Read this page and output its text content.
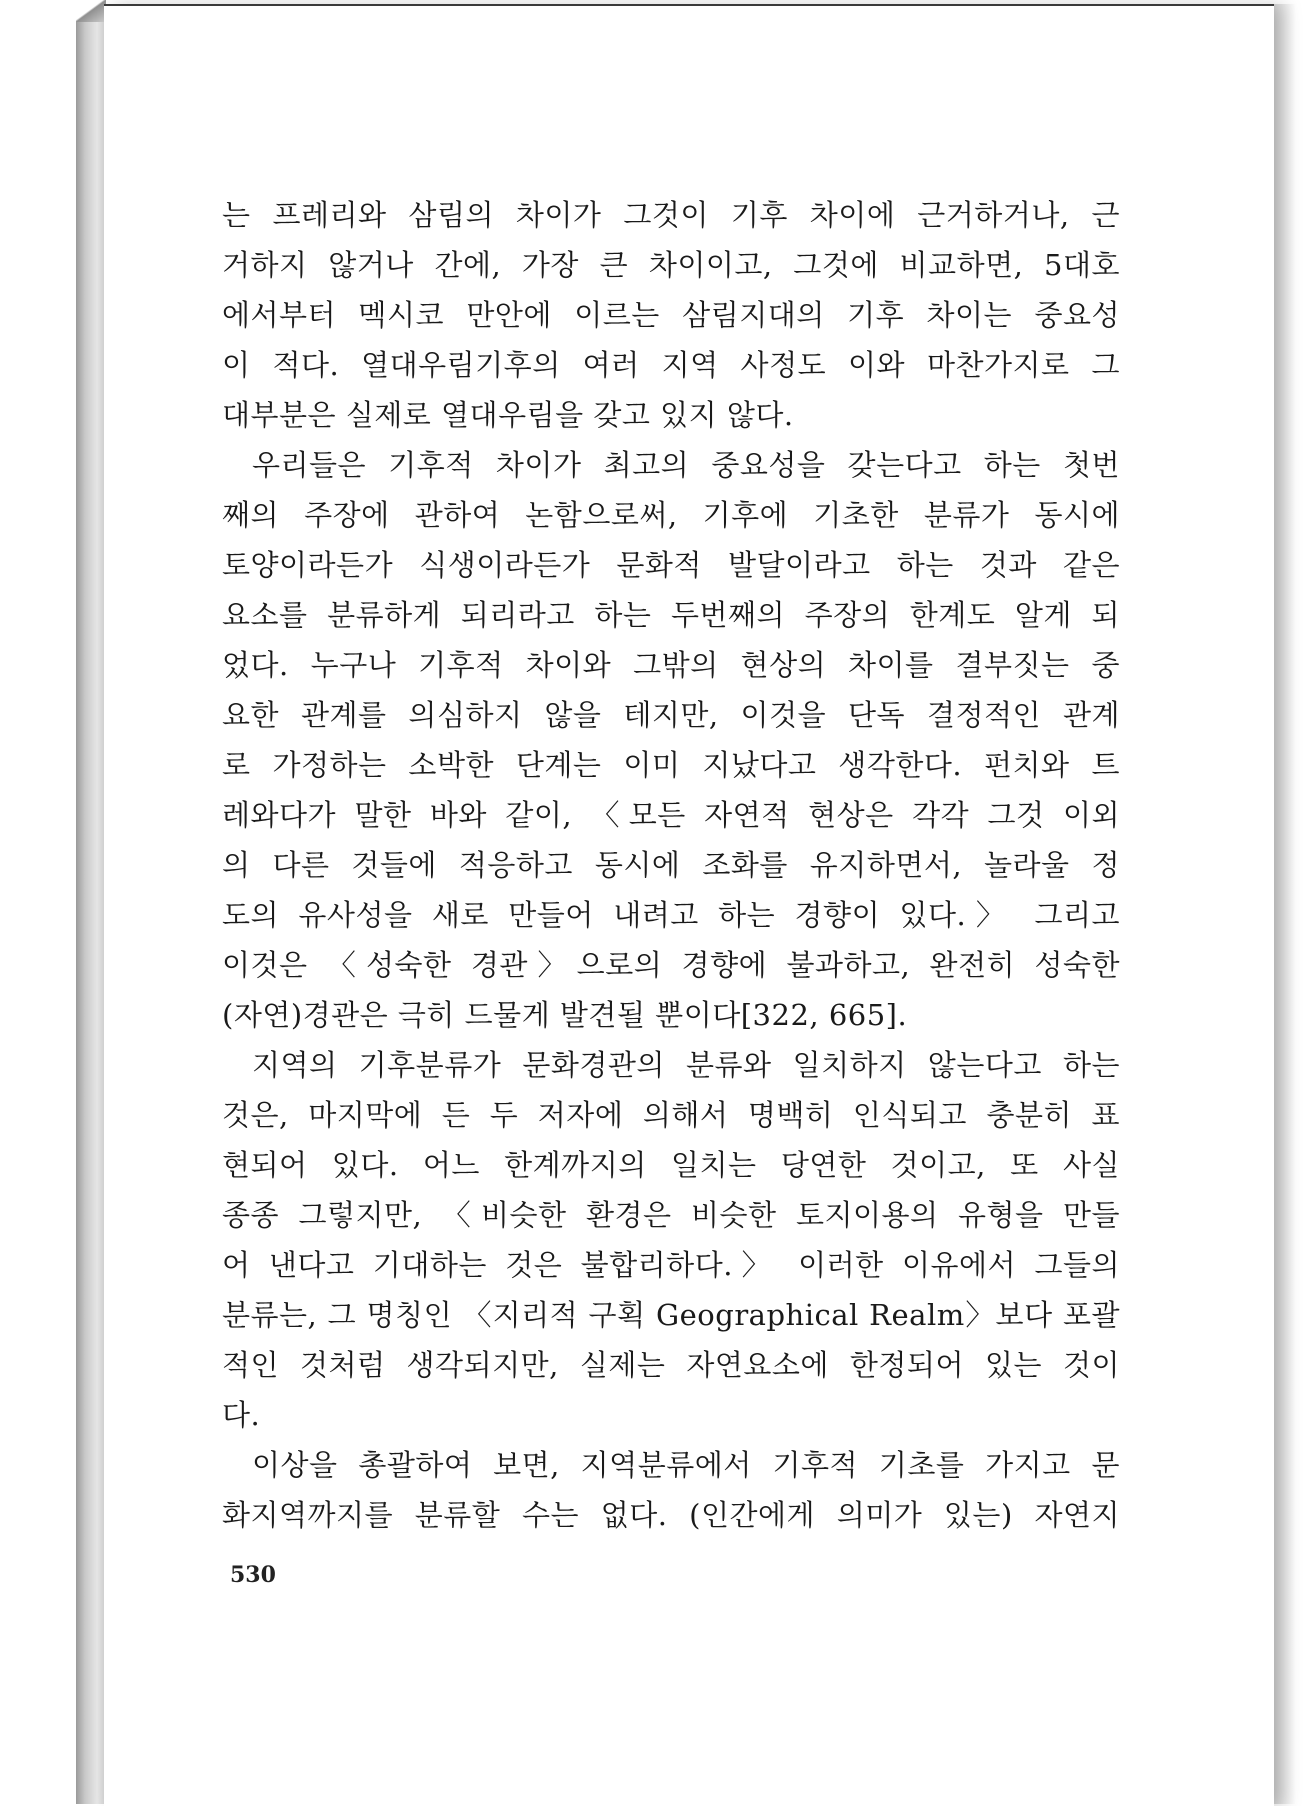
는 프레리와 삼림의 차이가 그것이 기후 차이에 근거하거나, 근
거하지 않거나 간에, 가장 큰 차이이고, 그것에 비교하면, 5대호
에서부터 멕시코 만안에 이르는 삼림지대의 기후 차이는 중요성
이 적다. 열대우림기후의 여러 지역 사정도 이와 마찬가지로 그
대부분은 실제로 열대우림을 갖고 있지 않다.
우리들은 기후적 차이가 최고의 중요성을 갖는다고 하는 첫번
째의 주장에 관하여 논함으로써, 기후에 기초한 분류가 동시에
토양이라든가 식생이라든가 문화적 발달이라고 하는 것과 같은
요소를 분류하게 되리라고 하는 두번째의 주장의 한계도 알게 되
었다. 누구나 기후적 차이와 그밖의 현상의 차이를 결부짓는 중
요한 관계를 의심하지 않을 테지만, 이것을 단독 결정적인 관계
로 가정하는 소박한 단계는 이미 지났다고 생각한다. 펀치와 트
레와다가 말한 바와 같이, 〈모든 자연적 현상은 각각 그것 이외
의 다른 것들에 적응하고 동시에 조화를 유지하면서, 놀라울 정
도의 유사성을 새로 만들어 내려고 하는 경향이 있다.〉 그리고
이것은 〈성숙한 경관〉으로의 경향에 불과하고, 완전히 성숙한
(자연)경관은 극히 드물게 발견될 뿐이다[322, 665].
지역의 기후분류가 문화경관의 분류와 일치하지 않는다고 하는
것은, 마지막에 든 두 저자에 의해서 명백히 인식되고 충분히 표
현되어 있다. 어느 한계까지의 일치는 당연한 것이고, 또 사실
종종 그렇지만, 〈비슷한 환경은 비슷한 토지이용의 유형을 만들
어 낸다고 기대하는 것은 불합리하다.〉 이러한 이유에서 그들의
분류는, 그 명칭인 〈지리적 구획 Geographical Realm〉보다 포괄
적인 것처럼 생각되지만, 실제는 자연요소에 한정되어 있는 것이
다.
이상을 총괄하여 보면, 지역분류에서 기후적 기초를 가지고 문
화지역까지를 분류할 수는 없다. (인간에게 의미가 있는) 자연지
530
